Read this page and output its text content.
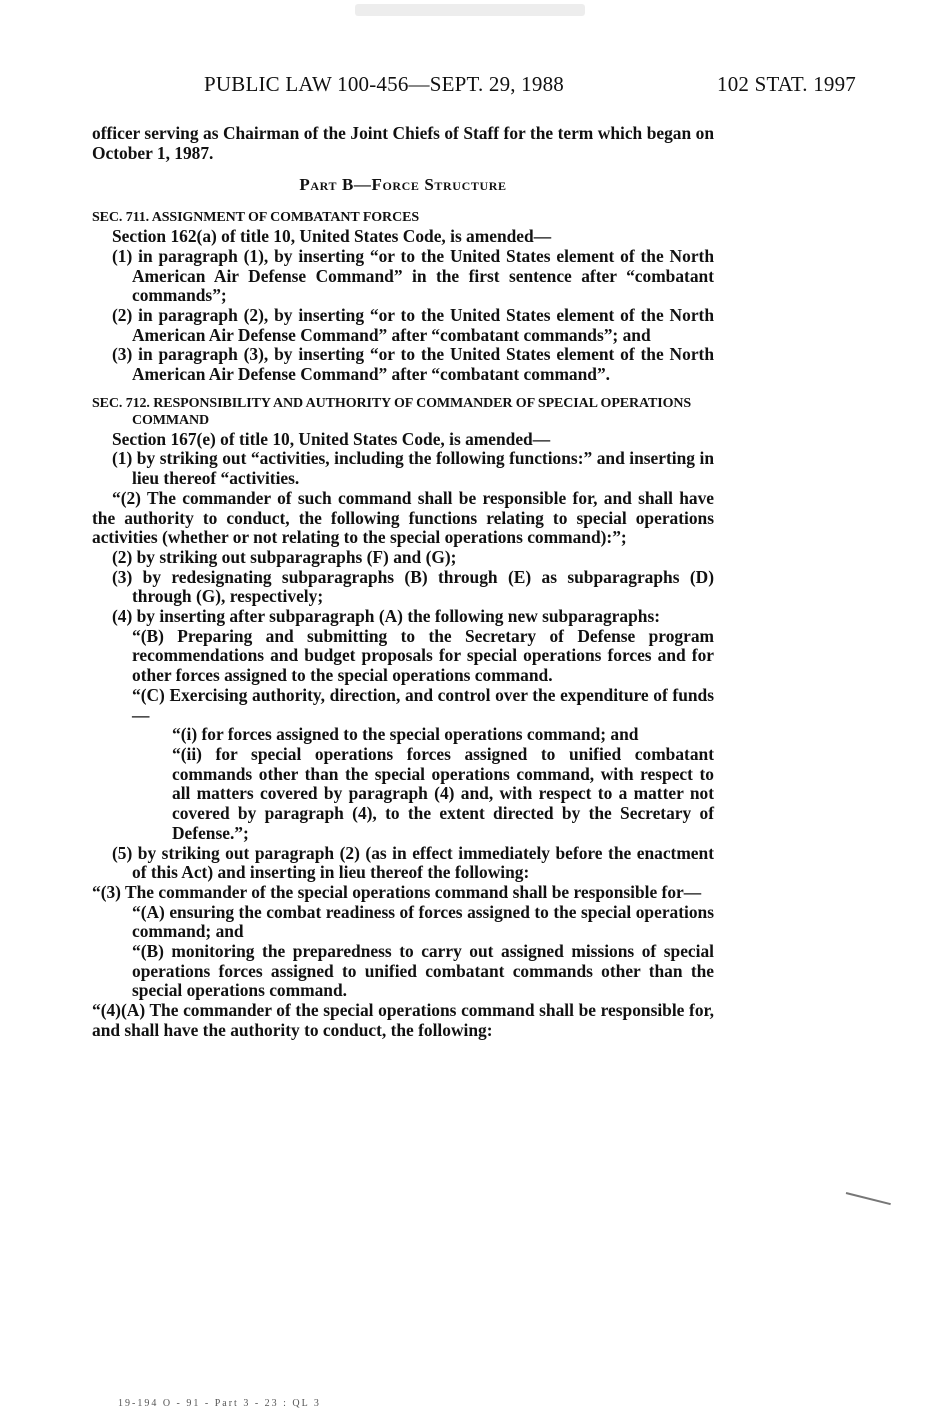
PUBLIC LAW 100-456—SEPT. 29, 1988	102 STAT. 1997

officer serving as Chairman of the Joint Chiefs of Staff for the term which began on October 1, 1987.

Part B—Force Structure

SEC. 711. ASSIGNMENT OF COMBATANT FORCES

Section 162(a) of title 10, United States Code, is amended—

(1) in paragraph (1), by inserting “or to the United States element of the North American Air Defense Command” in the first sentence after “combatant commands”;

(2) in paragraph (2), by inserting “or to the United States element of the North American Air Defense Command” after “combatant commands”; and

(3) in paragraph (3), by inserting “or to the United States element of the North American Air Defense Command” after “combatant command”.

SEC. 712. RESPONSIBILITY AND AUTHORITY OF COMMANDER OF SPECIAL OPERATIONS COMMAND

Section 167(e) of title 10, United States Code, is amended—

(1) by striking out “activities, including the following functions:” and inserting in lieu thereof “activities.

“(2) The commander of such command shall be responsible for, and shall have the authority to conduct, the following functions relating to special operations activities (whether or not relating to the special operations command):”;

(2) by striking out subparagraphs (F) and (G);

(3) by redesignating subparagraphs (B) through (E) as subparagraphs (D) through (G), respectively;

(4) by inserting after subparagraph (A) the following new subparagraphs:

“(B) Preparing and submitting to the Secretary of Defense program recommendations and budget proposals for special operations forces and for other forces assigned to the special operations command.

“(C) Exercising authority, direction, and control over the expenditure of funds—

“(i) for forces assigned to the special operations command; and

“(ii) for special operations forces assigned to unified combatant commands other than the special operations command, with respect to all matters covered by paragraph (4) and, with respect to a matter not covered by paragraph (4), to the extent directed by the Secretary of Defense.”;

(5) by striking out paragraph (2) (as in effect immediately before the enactment of this Act) and inserting in lieu thereof the following:

“(3) The commander of the special operations command shall be responsible for—

“(A) ensuring the combat readiness of forces assigned to the special operations command; and

“(B) monitoring the preparedness to carry out assigned missions of special operations forces assigned to unified combatant commands other than the special operations command.

“(4)(A) The commander of the special operations command shall be responsible for, and shall have the authority to conduct, the following:

19-194 O - 91 - Part 3 - 23 : QL 3
